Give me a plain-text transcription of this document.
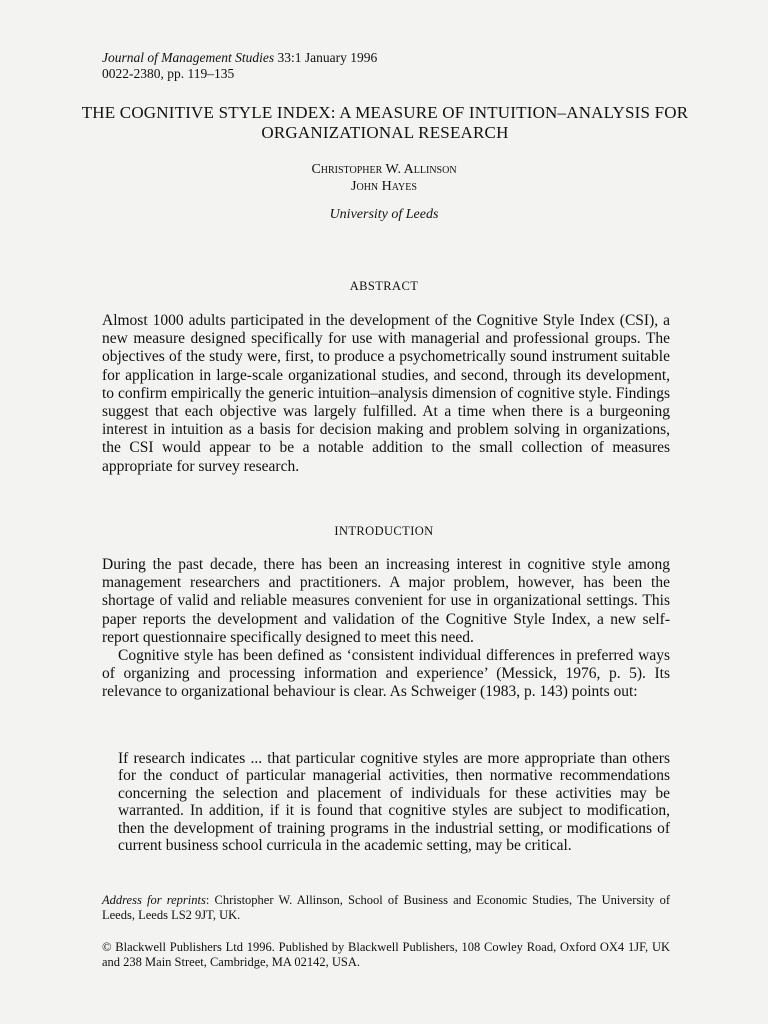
Journal of Management Studies 33:1 January 1996
0022-2380, pp. 119–135
THE COGNITIVE STYLE INDEX: A MEASURE OF INTUITION–ANALYSIS FOR ORGANIZATIONAL RESEARCH
Christopher W. Allinson
John Hayes
University of Leeds
ABSTRACT

Almost 1000 adults participated in the development of the Cognitive Style Index (CSI), a new measure designed specifically for use with managerial and professional groups. The objectives of the study were, first, to produce a psychometrically sound instrument suitable for application in large-scale organizational studies, and second, through its development, to confirm empirically the generic intuition–analysis dimension of cognitive style. Findings suggest that each objective was largely fulfilled. At a time when there is a burgeoning interest in intuition as a basis for decision making and problem solving in organizations, the CSI would appear to be a notable addition to the small collection of measures appropriate for survey research.

INTRODUCTION

During the past decade, there has been an increasing interest in cognitive style among management researchers and practitioners. A major problem, however, has been the shortage of valid and reliable measures convenient for use in organizational settings. This paper reports the development and validation of the Cognitive Style Index, a new self-report questionnaire specifically designed to meet this need.

Cognitive style has been defined as ‘consistent individual differences in preferred ways of organizing and processing information and experience’ (Messick, 1976, p. 5). Its relevance to organizational behaviour is clear. As Schweiger (1983, p. 143) points out:

If research indicates ... that particular cognitive styles are more appropriate than others for the conduct of particular managerial activities, then normative recommendations concerning the selection and placement of individuals for these activities may be warranted. In addition, if it is found that cognitive styles are subject to modification, then the development of training programs in the industrial setting, or modifications of current business school curricula in the academic setting, may be critical.
Address for reprints: Christopher W. Allinson, School of Business and Economic Studies, The University of Leeds, Leeds LS2 9JT, UK.
© Blackwell Publishers Ltd 1996. Published by Blackwell Publishers, 108 Cowley Road, Oxford OX4 1JF, UK and 238 Main Street, Cambridge, MA 02142, USA.
